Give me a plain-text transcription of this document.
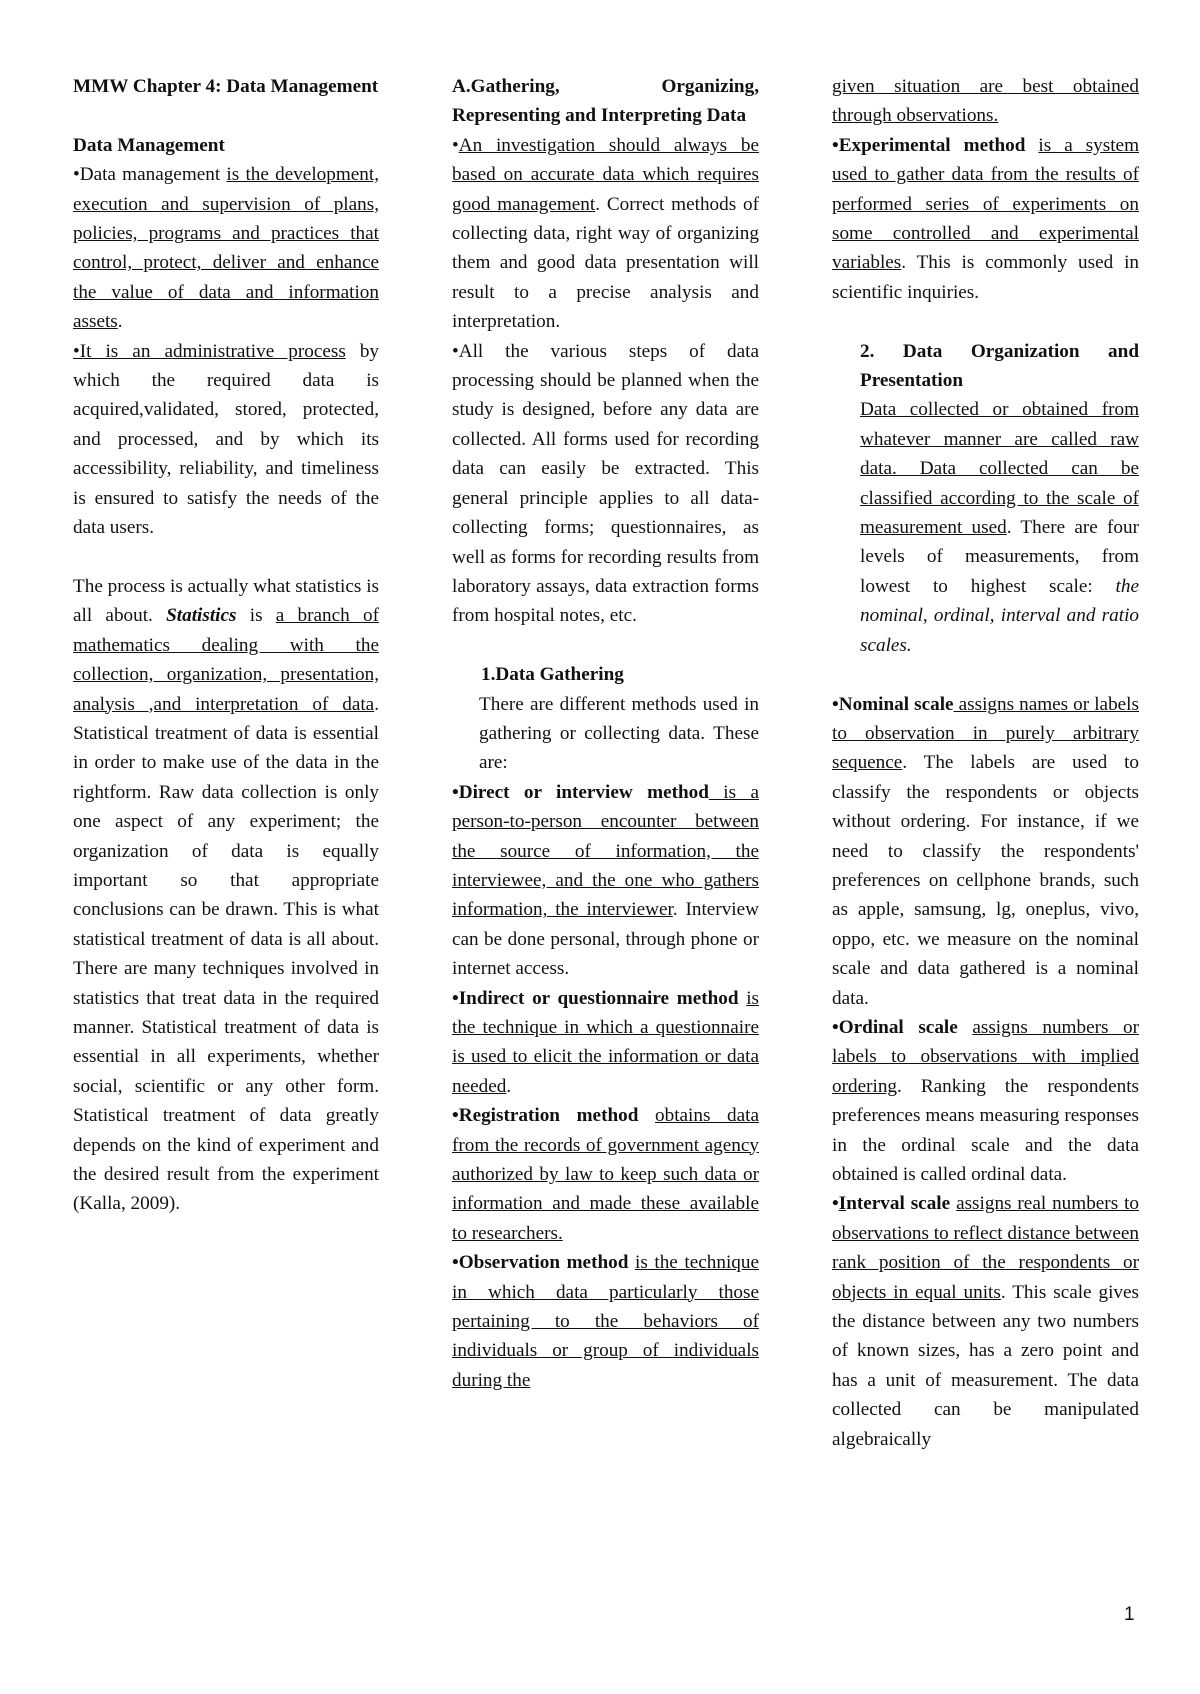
MMW Chapter 4: Data Management

Data Management

•Data management is the development, execution and supervision of plans, policies, programs and practices that control, protect, deliver and enhance the value of data and information assets.

•It is an administrative process by which the required data is acquired,validated, stored, protected, and processed, and by which its accessibility, reliability, and timeliness is ensured to satisfy the needs of the data users.

The process is actually what statistics is all about. Statistics is a branch of mathematics dealing with the collection, organization, presentation, analysis ,and interpretation of data. Statistical treatment of data is essential in order to make use of the data in the rightform. Raw data collection is only one aspect of any experiment; the organization of data is equally important so that appropriate conclusions can be drawn. This is what statistical treatment of data is all about. There are many techniques involved in statistics that treat data in the required manner. Statistical treatment of data is essential in all experiments, whether social, scientific or any other form. Statistical treatment of data greatly depends on the kind of experiment and the desired result from the experiment (Kalla, 2009).

A.Gathering, Organizing, Representing and Interpreting Data

•An investigation should always be based on accurate data which requires good management. Correct methods of collecting data, right way of organizing them and good data presentation will result to a precise analysis and interpretation.

•All the various steps of data processing should be planned when the study is designed, before any data are collected. All forms used for recording data can easily be extracted. This general principle applies to all data-collecting forms; questionnaires, as well as forms for recording results from laboratory assays, data extraction forms from hospital notes, etc.

1.Data Gathering

There are different methods used in gathering or collecting data. These are:

•Direct or interview method is a person-to-person encounter between the source of information, the interviewee, and the one who gathers information, the interviewer. Interview can be done personal, through phone or internet access.

•Indirect or questionnaire method is the technique in which a questionnaire is used to elicit the information or data needed.

•Registration method obtains data from the records of government agency authorized by law to keep such data or information and made these available to researchers.

•Observation method is the technique in which data particularly those pertaining to the behaviors of individuals or group of individuals during the

given situation are best obtained through observations.

•Experimental method is a system used to gather data from the results of performed series of experiments on some controlled and experimental variables. This is commonly used in scientific inquiries.

2. Data Organization and Presentation

Data collected or obtained from whatever manner are called raw data. Data collected can be classified according to the scale of measurement used. There are four levels of measurements, from lowest to highest scale: the nominal, ordinal, interval and ratio scales.

•Nominal scale assigns names or labels to observation in purely arbitrary sequence. The labels are used to classify the respondents or objects without ordering. For instance, if we need to classify the respondents' preferences on cellphone brands, such as apple, samsung, lg, oneplus, vivo, oppo, etc. we measure on the nominal scale and data gathered is a nominal data.

•Ordinal scale assigns numbers or labels to observations with implied ordering. Ranking the respondents preferences means measuring responses in the ordinal scale and the data obtained is called ordinal data.

•Interval scale assigns real numbers to observations to reflect distance between rank position of the respondents or objects in equal units. This scale gives the distance between any two numbers of known sizes, has a zero point and has a unit of measurement. The data collected can be manipulated algebraically

1
